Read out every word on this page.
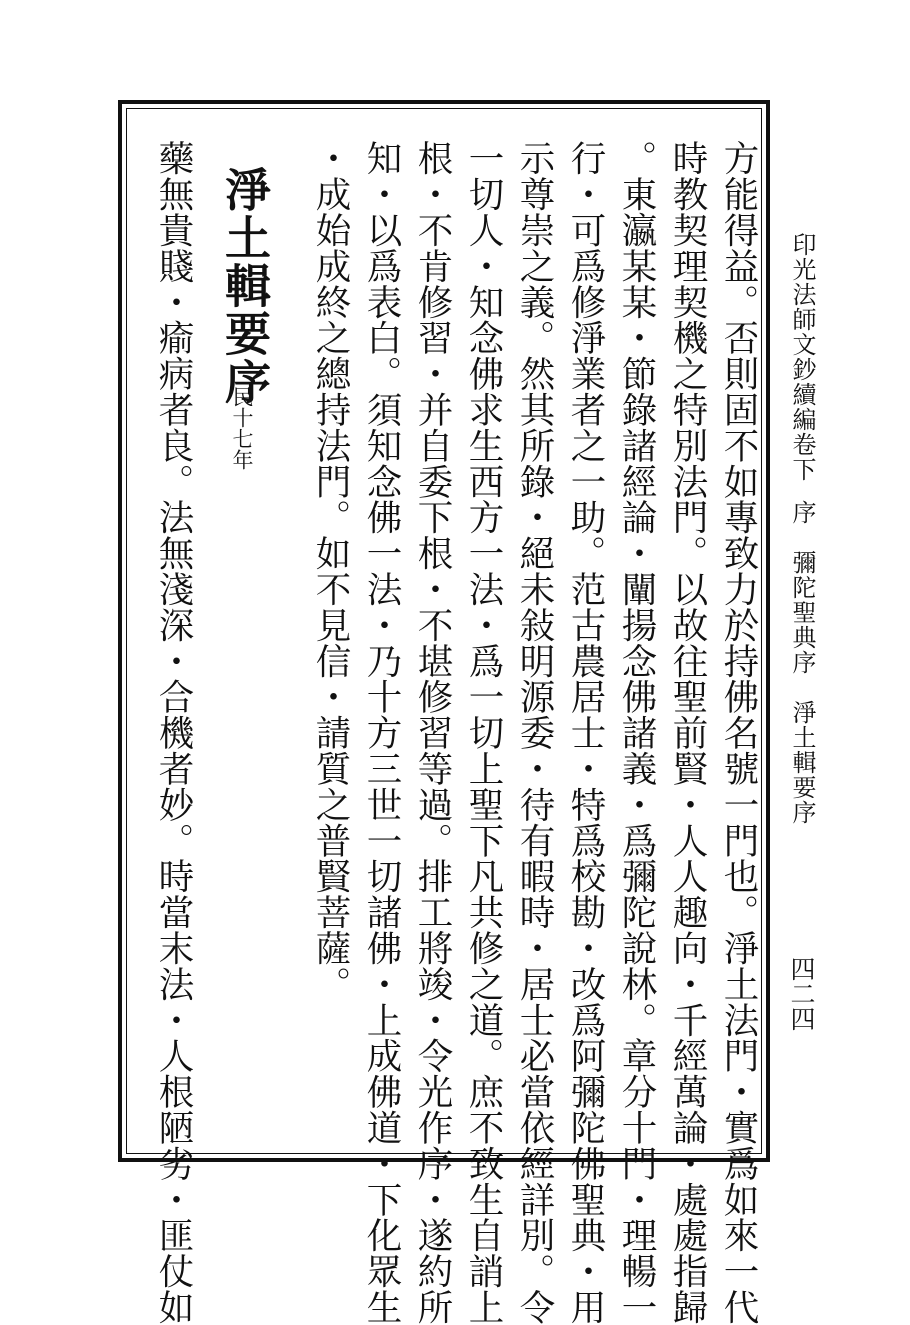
印光法師文鈔續編卷下
序
彌陀聖典序　淨土輯要序
四二四
方能得益。否則固不如專致力於持佛名號一門也。淨土法門・實爲如來一代
時教契理契機之特別法門。以故往聖前賢・人人趣向・千經萬論・處處指歸
。東瀛某某・節錄諸經論・闡揚念佛諸義・爲彌陀說林。章分十門・理暢一
行・可爲修淨業者之一助。范古農居士・特爲校勘・改爲阿彌陀佛聖典・用
示尊崇之義。然其所錄・絕未敍明源委・待有暇時・居士必當依經詳別。令
一切人・知念佛求生西方一法・爲一切上聖下凡共修之道。庶不致生自誚上
根・不肯修習・并自委下根・不堪修習等過。排工將竣・令光作序・遂約所
知・以爲表白。須知念佛一法・乃十方三世一切諸佛・上成佛道・下化眾生
・成始成終之總持法門。如不見信・請質之普賢菩薩。
淨土輯要序
民十七年
藥無貴賤・瘉病者良。法無淺深・合機者妙。時當末法・人根陋劣・匪仗如
